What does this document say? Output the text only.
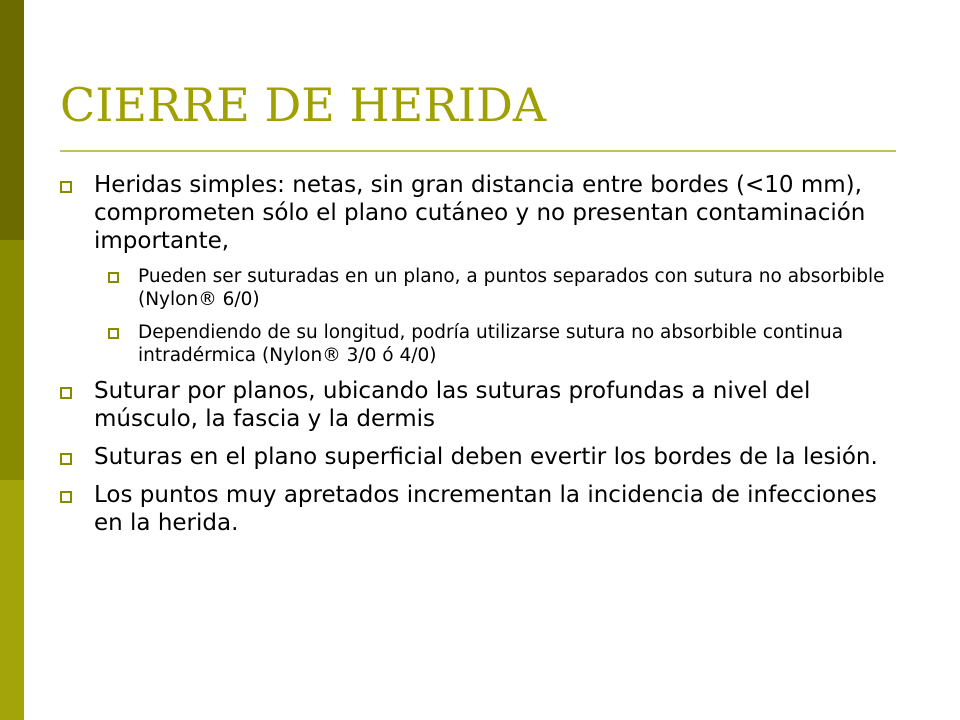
CIERRE DE HERIDA
Heridas simples: netas, sin gran distancia entre bordes (<10 mm), comprometen sólo el plano cutáneo y no presentan contaminación importante,
Pueden ser suturadas en un plano, a puntos separados con sutura no absorbible (Nylon® 6/0)
Dependiendo de su longitud, podría utilizarse sutura no absorbible continua intradérmica (Nylon® 3/0 ó 4/0)
Suturar por planos, ubicando las suturas profundas a nivel del músculo, la fascia y la dermis
Suturas en el plano superficial deben evertir los bordes de la lesión.
Los puntos muy apretados incrementan la incidencia de infecciones en la herida.
